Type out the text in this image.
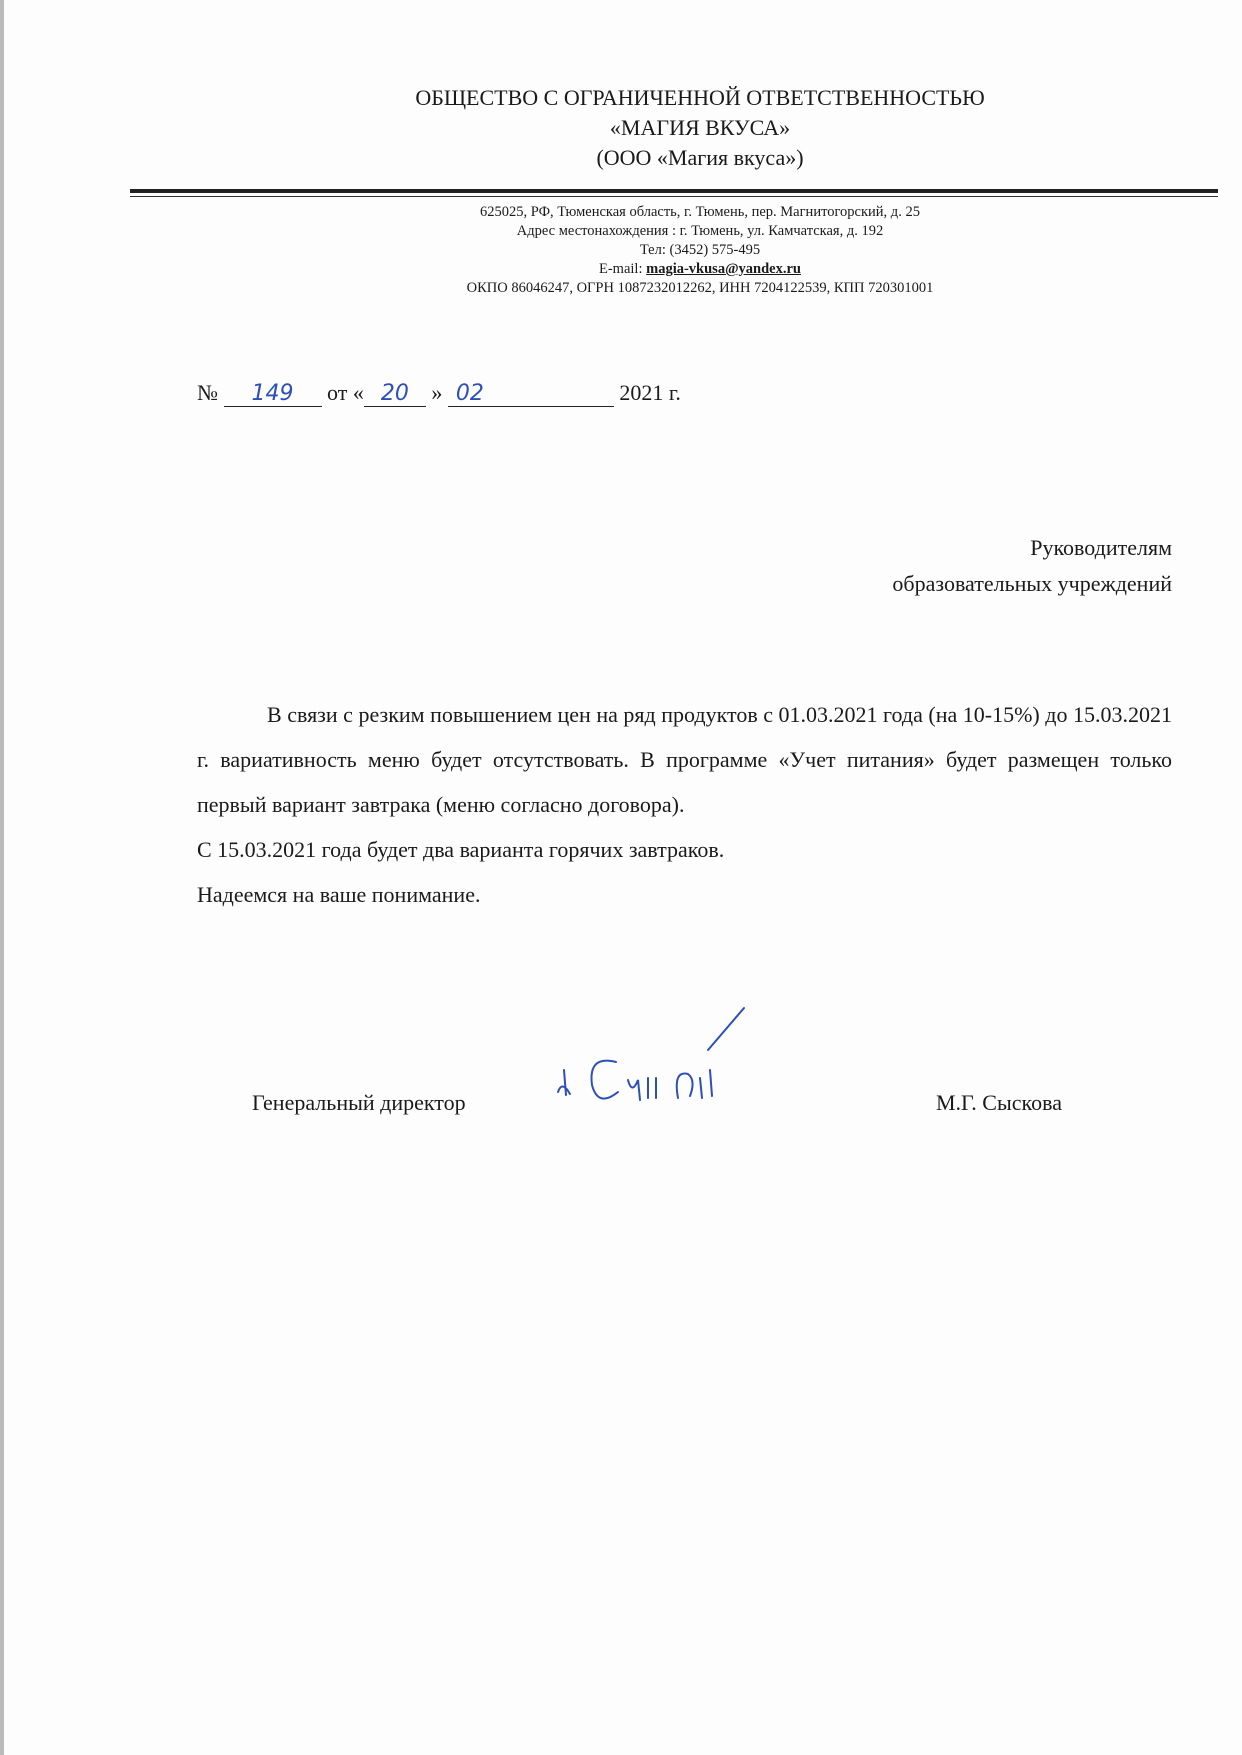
ОБЩЕСТВО С ОГРАНИЧЕННОЙ ОТВЕТСТВЕННОСТЬЮ
«МАГИЯ ВКУСА»
(ООО «Магия вкуса»)
625025, РФ, Тюменская область, г. Тюмень, пер. Магнитогорский, д. 25
Адрес местонахождения : г. Тюмень, ул. Камчатская, д. 192
Тел: (3452) 575-495
E-mail: magia-vkusa@yandex.ru
ОКПО 86046247, ОГРН 1087232012262, ИНН 7204122539, КПП 720301001
№ 149 от « 20 » 02	2021 г.
Руководителям
образовательных учреждений

В связи с резким повышением цен на ряд продуктов с 01.03.2021 года (на 10-15%) до 15.03.2021 г. вариативность меню будет отсутствовать. В программе «Учет питания» будет размещен только первый вариант завтрака (меню согласно договора).

С 15.03.2021 года будет два варианта горячих завтраков.

Надеемся на ваше понимание.

Генеральный директор	М.Г. Сыскова
